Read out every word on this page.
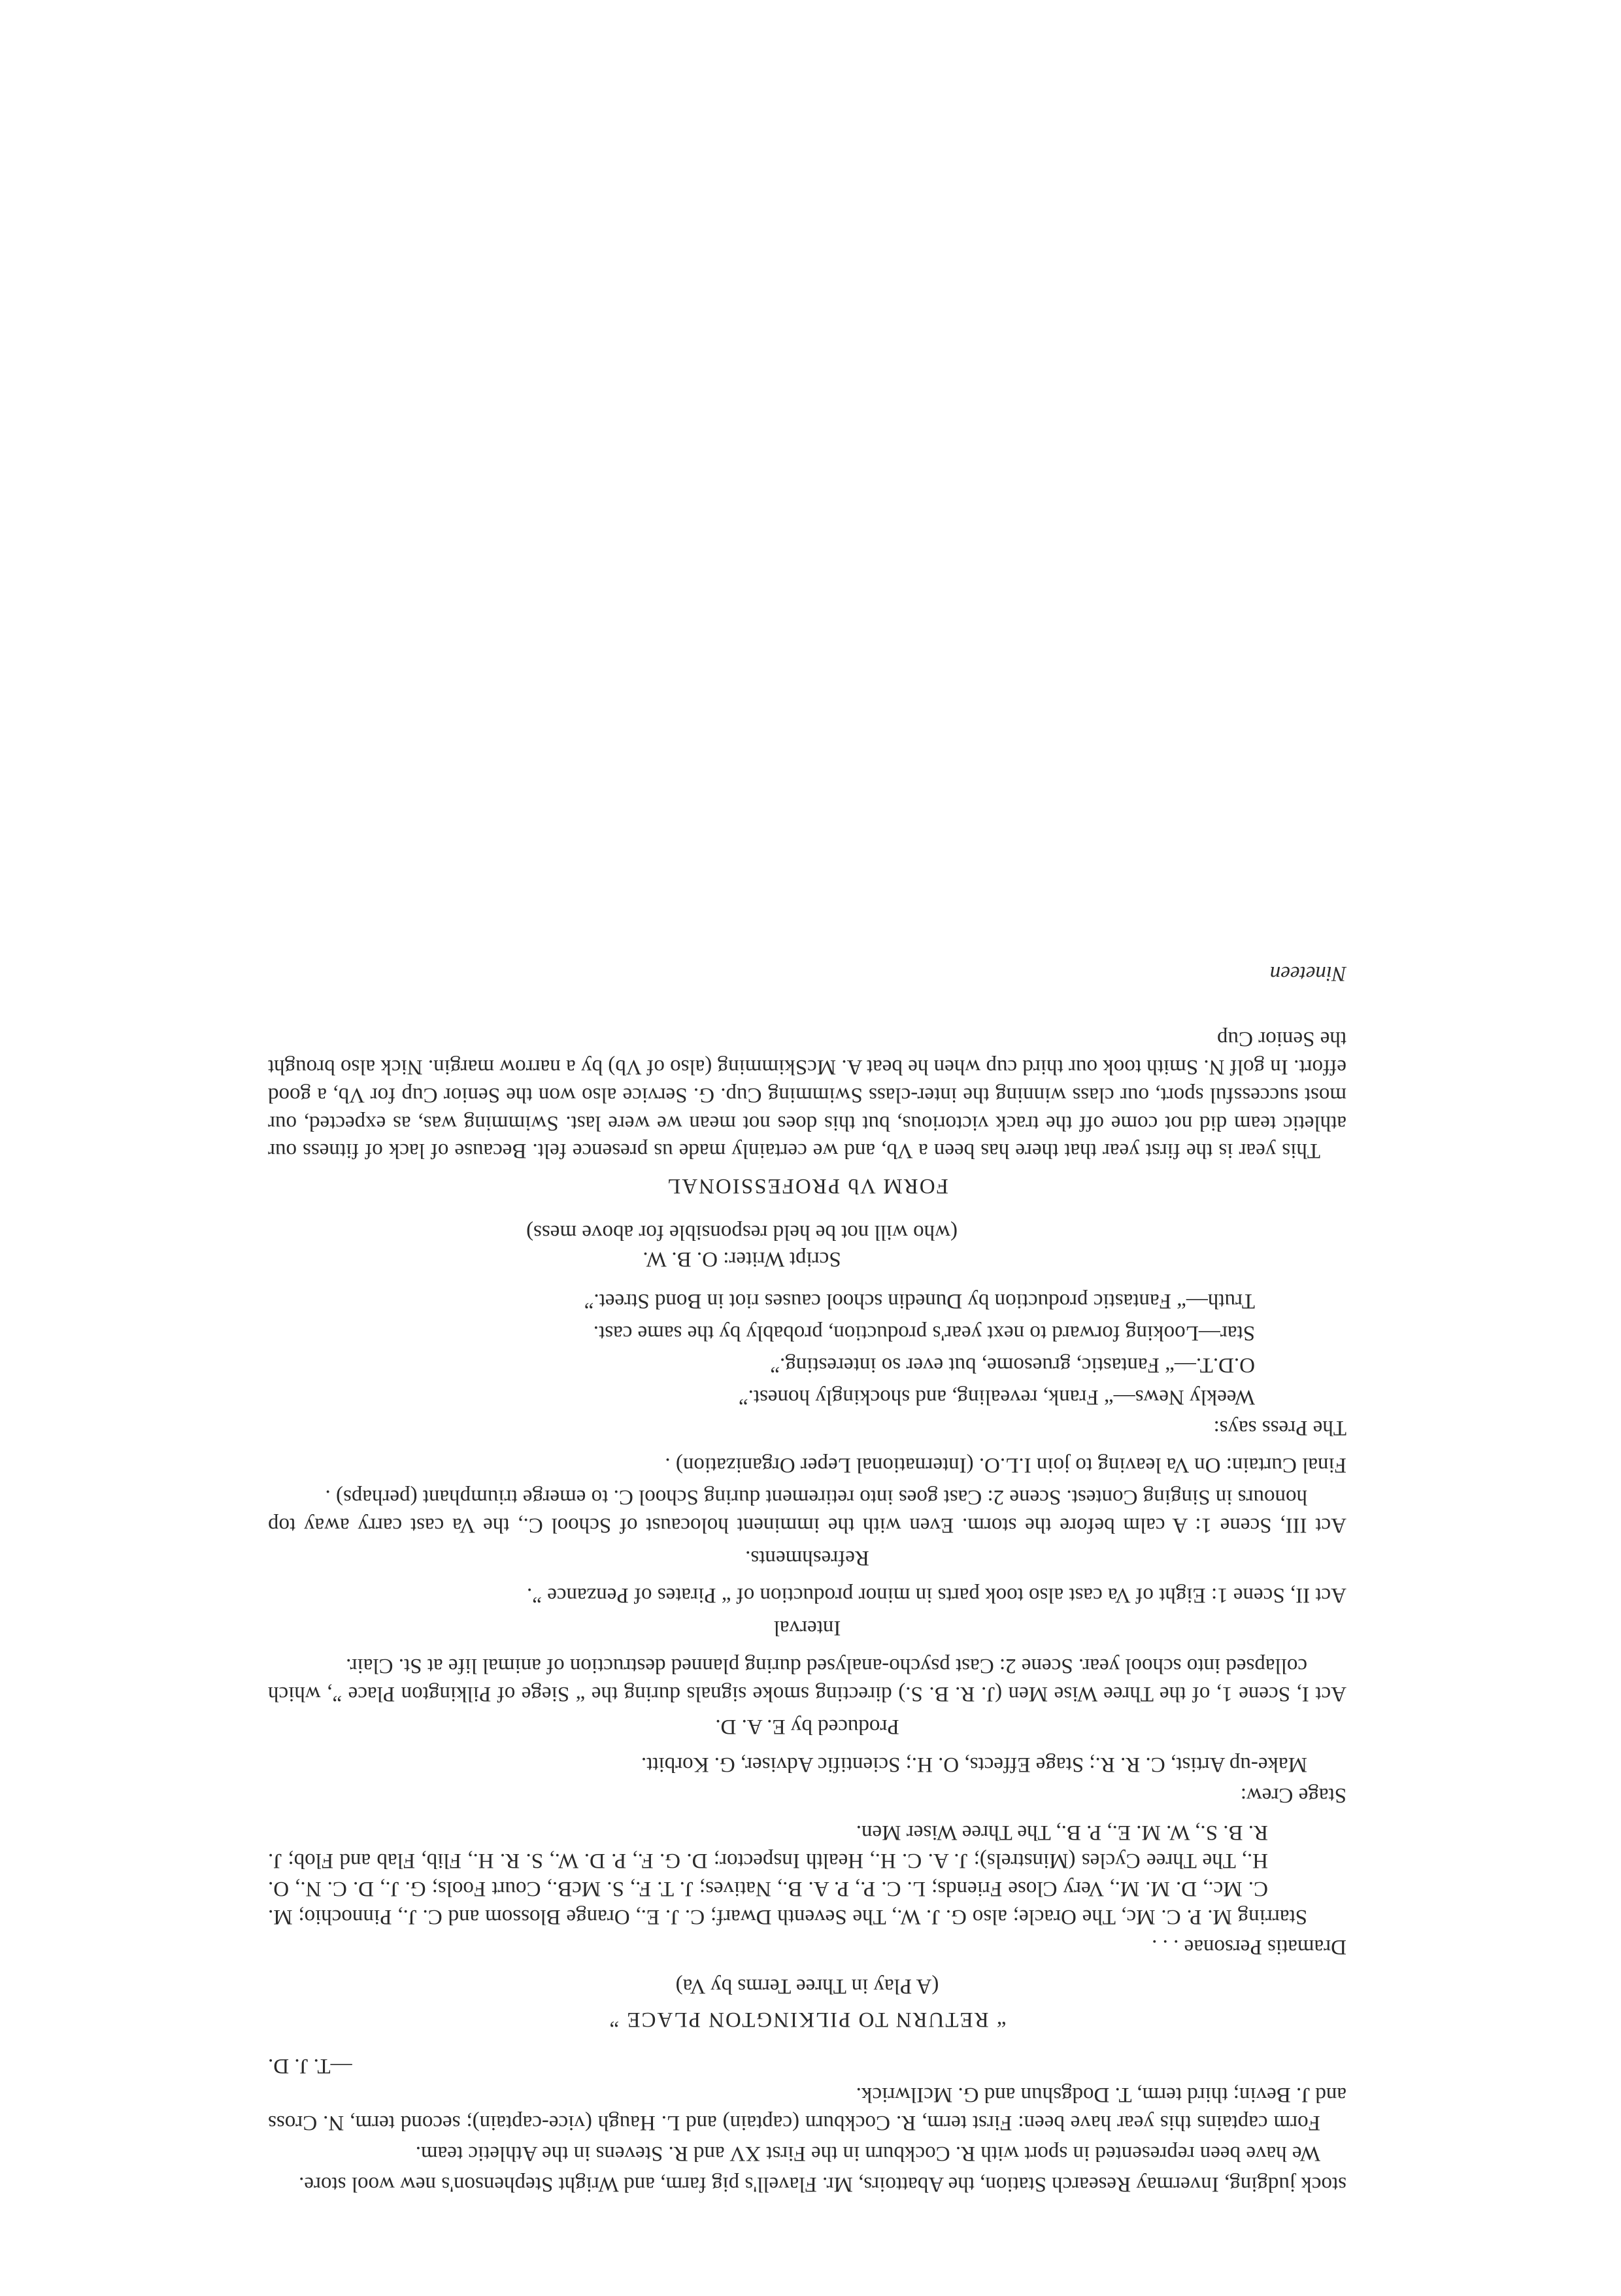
stock judging, Invermay Research Station, the Abattoirs, Mr. Flavell's pig farm, and Wright Stephenson's new wool store.

We have been represented in sport with R. Cockburn in the First XV and R. Stevens in the Athletic team.

Form captains this year have been: First term, R. Cockburn (captain) and L. Haugh (vice-captain); second term, N. Cross and J. Bevin; third term, T. Dodgshun and G. McIlwrick.

—T. J. D.
“ RETURN TO PILKINGTON PLACE ”
(A Play in Three Terms by Va)
Dramatis Personae . . .

Starring M. P. C. Mc, The Oracle; also G. J. W., The Seventh Dwarf; C. J. E., Orange Blossom and C. J., Pinnochio; M. C. Mc., D. M. M., Very Close Friends; L. C. P., P. A. B., Natives; J. T. F., S. McB., Court Fools; G. J., D. C. N., O. H., The Three Cycles (Minstrels); J. A. C. H., Health Inspector; D. G. F., P. D. W., S. R. H., Flib, Flab and Flob; J. R. B. S., W. M. E., P. B., The Three Wiser Men.

Stage Crew:

Make-up Artist, C. R. R.; Stage Effects, O. H.; Scientific Adviser, G. Korbitt.

Produced by E. A. D.

Act I, Scene 1, of the Three Wise Men (J. R. B. S.) directing smoke signals during the “ Siege of Pilkington Place ”, which collapsed into school year. Scene 2: Cast psycho-analysed during planned destruction of animal life at St. Clair.

Interval

Act II, Scene 1: Eight of Va cast also took parts in minor production of “ Pirates of Penzance ”.

Refreshments.

Act III, Scene 1: A calm before the storm. Even with the imminent holocaust of School C., the Va cast carry away top honours in Singing Contest. Scene 2: Cast goes into retirement during School C. to emerge triumphant (perhaps) .

Final Curtain: On Va leaving to join I.L.O. (International Leper Organization) .

The Press says:

Weekly News—“ Frank, revealing, and shockingly honest.”

O.D.T.—“ Fantastic, gruesome, but ever so interesting.”

Star—Looking forward to next year's production, probably by the same cast.

Truth—“ Fantastic production by Dunedin school causes riot in Bond Street.”

Script Writer: O. B. W.
(who will not be held responsible for above mess)
FORM Vb PROFESSIONAL

This year is the first year that there has been a Vb, and we certainly made us presence felt. Because of lack of fitness our athletic team did not come off the track victorious, but this does not mean we were last. Swimming was, as expected, our most successful sport, our class winning the inter-class Swimming Cup. G. Service also won the Senior Cup for Vb, a good effort. In golf N. Smith took our third cup when he beat A. McSkimming (also of Vb) by a narrow margin. Nick also brought the Senior Cup

Nineteen
